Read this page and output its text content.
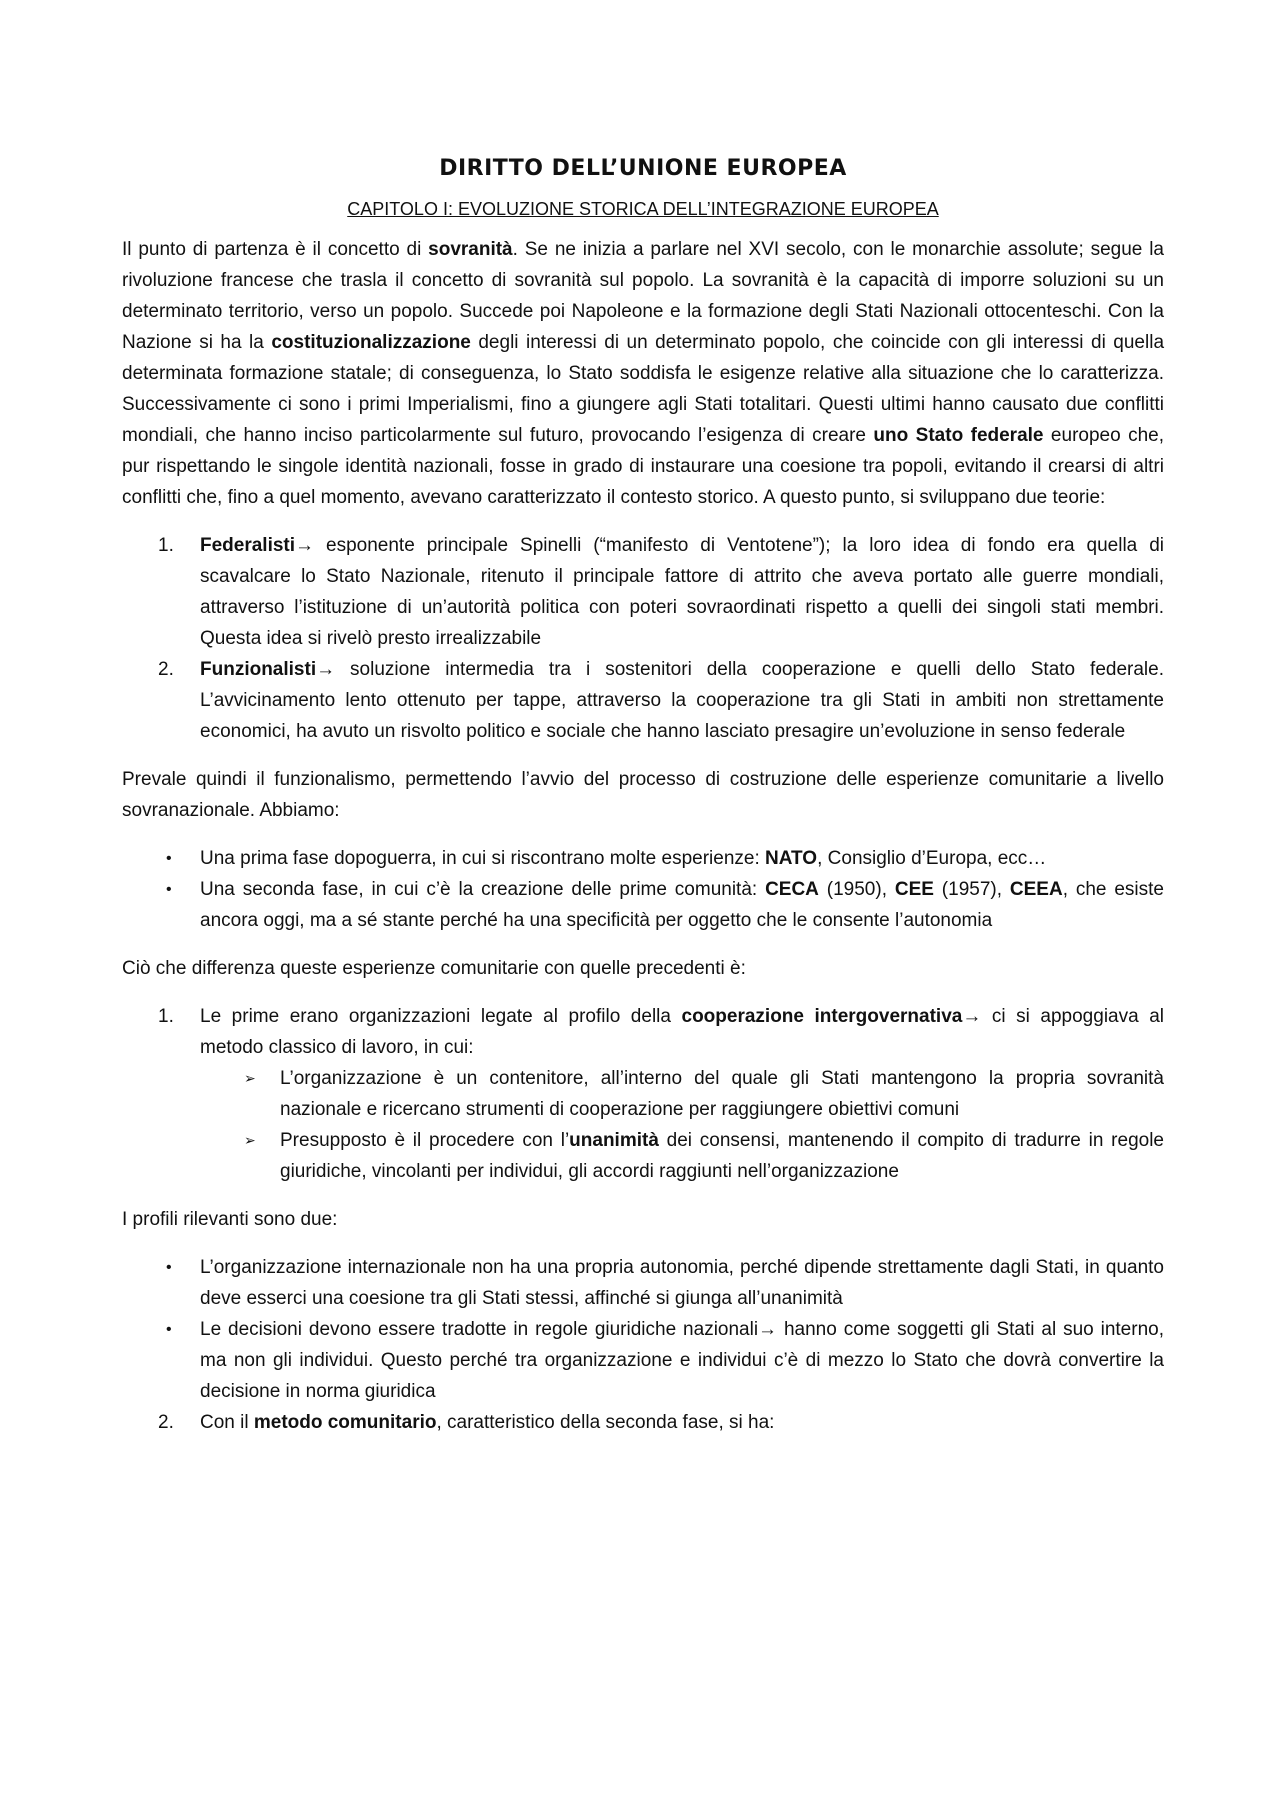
DIRITTO DELL’UNIONE EUROPEA
CAPITOLO I: EVOLUZIONE STORICA DELL’INTEGRAZIONE EUROPEA

Il punto di partenza è il concetto di sovranità. Se ne inizia a parlare nel XVI secolo, con le monarchie assolute; segue la rivoluzione francese che trasla il concetto di sovranità sul popolo. La sovranità è la capacità di imporre soluzioni su un determinato territorio, verso un popolo. Succede poi Napoleone e la formazione degli Stati Nazionali ottocenteschi. Con la Nazione si ha la costituzionalizzazione degli interessi di un determinato popolo, che coincide con gli interessi di quella determinata formazione statale; di conseguenza, lo Stato soddisfa le esigenze relative alla situazione che lo caratterizza. Successivamente ci sono i primi Imperialismi, fino a giungere agli Stati totalitari. Questi ultimi hanno causato due conflitti mondiali, che hanno inciso particolarmente sul futuro, provocando l’esigenza di creare uno Stato federale europeo che, pur rispettando le singole identità nazionali, fosse in grado di instaurare una coesione tra popoli, evitando il crearsi di altri conflitti che, fino a quel momento, avevano caratterizzato il contesto storico. A questo punto, si sviluppano due teorie:

1. Federalisti→ esponente principale Spinelli (“manifesto di Ventotene”); la loro idea di fondo era quella di scavalcare lo Stato Nazionale, ritenuto il principale fattore di attrito che aveva portato alle guerre mondiali, attraverso l’istituzione di un’autorità politica con poteri sovraordinati rispetto a quelli dei singoli stati membri. Questa idea si rivelò presto irrealizzabile
2. Funzionalisti→ soluzione intermedia tra i sostenitori della cooperazione e quelli dello Stato federale. L’avvicinamento lento ottenuto per tappe, attraverso la cooperazione tra gli Stati in ambiti non strettamente economici, ha avuto un risvolto politico e sociale che hanno lasciato presagire un’evoluzione in senso federale

Prevale quindi il funzionalismo, permettendo l’avvio del processo di costruzione delle esperienze comunitarie a livello sovranazionale. Abbiamo:

• Una prima fase dopoguerra, in cui si riscontrano molte esperienze: NATO, Consiglio d’Europa, ecc…
• Una seconda fase, in cui c’è la creazione delle prime comunità: CECA (1950), CEE (1957), CEEA, che esiste ancora oggi, ma a sé stante perché ha una specificità per oggetto che le consente l’autonomia

Ciò che differenza queste esperienze comunitarie con quelle precedenti è:

1. Le prime erano organizzazioni legate al profilo della cooperazione intergovernativa→ ci si appoggiava al metodo classico di lavoro, in cui:
➢ L’organizzazione è un contenitore, all’interno del quale gli Stati mantengono la propria sovranità nazionale e ricercano strumenti di cooperazione per raggiungere obiettivi comuni
➢ Presupposto è il procedere con l’unanimità dei consensi, mantenendo il compito di tradurre in regole giuridiche, vincolanti per individui, gli accordi raggiunti nell’organizzazione

I profili rilevanti sono due:

• L’organizzazione internazionale non ha una propria autonomia, perché dipende strettamente dagli Stati, in quanto deve esserci una coesione tra gli Stati stessi, affinché si giunga all’unanimità
• Le decisioni devono essere tradotte in regole giuridiche nazionali→ hanno come soggetti gli Stati al suo interno, ma non gli individui. Questo perché tra organizzazione e individui c’è di mezzo lo Stato che dovrà convertire la decisione in norma giuridica
2. Con il metodo comunitario, caratteristico della seconda fase, si ha:
